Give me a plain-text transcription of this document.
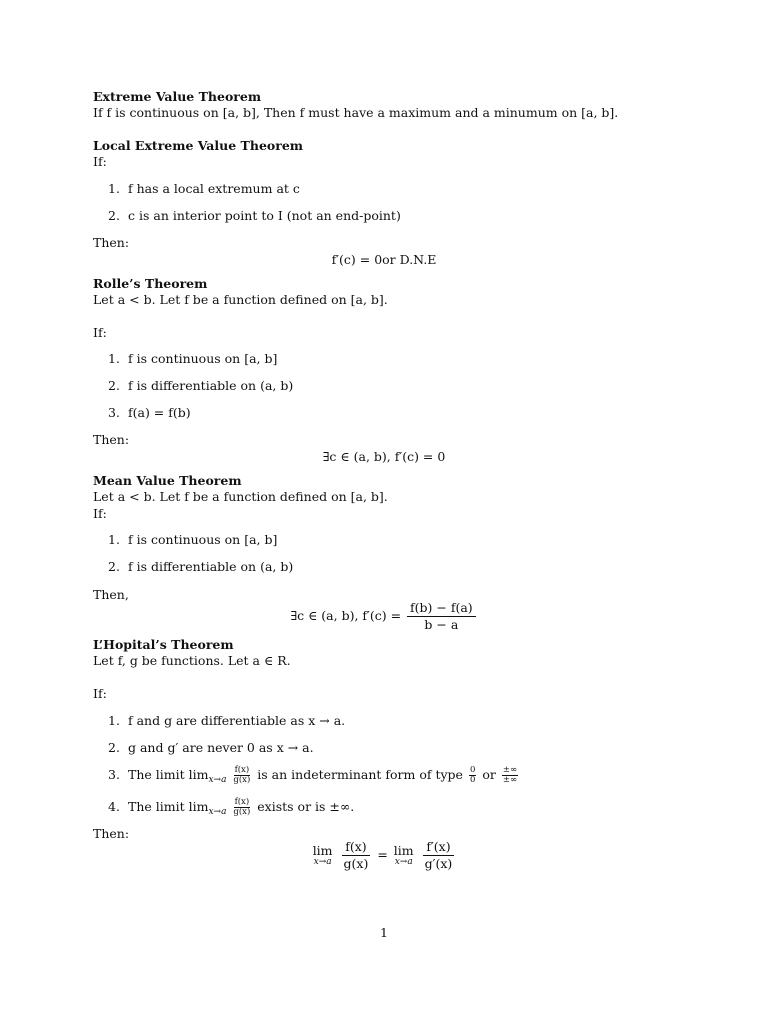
Extreme Value Theorem
If f is continuous on [a, b], Then f must have a maximum and a minumum on [a, b].
Local Extreme Value Theorem
If:
1. f has a local extremum at c
2. c is an interior point to I (not an end-point)
Then:
f′(c) = 0or D.N.E
Rolle’s Theorem
Let a < b. Let f be a function defined on [a, b].
If:
1. f is continuous on [a, b]
2. f is differentiable on (a, b)
3. f(a) = f(b)
Then:
∃c ∈ (a, b), f′(c) = 0
Mean Value Theorem
Let a < b. Let f be a function defined on [a, b].
If:
1. f is continuous on [a, b]
2. f is differentiable on (a, b)
Then,
∃c ∈ (a, b), $f'(c) = \frac{f(b) - f(a)}{b - a}$
L’Hopital’s Theorem
Let f, g be functions. Let a ∈ R.
If:
1. f and g are differentiable as x → a.
2. g and g′ are never 0 as x → a.
3. The limit $\lim_{x\to a} \frac{f(x)}{g(x)}$ is an indeterminant form of type $\frac{0}{0}$ or ±∞
±∞
4. The limit $\lim_{x\to a} \frac{f(x)}{g(x)}$ exists or is ±∞.
Then:
lim
x→a
$\frac{f(x)}{g(x)} = \lim$
x→a
$\frac{f'(x)}{g'(x)}$
1
